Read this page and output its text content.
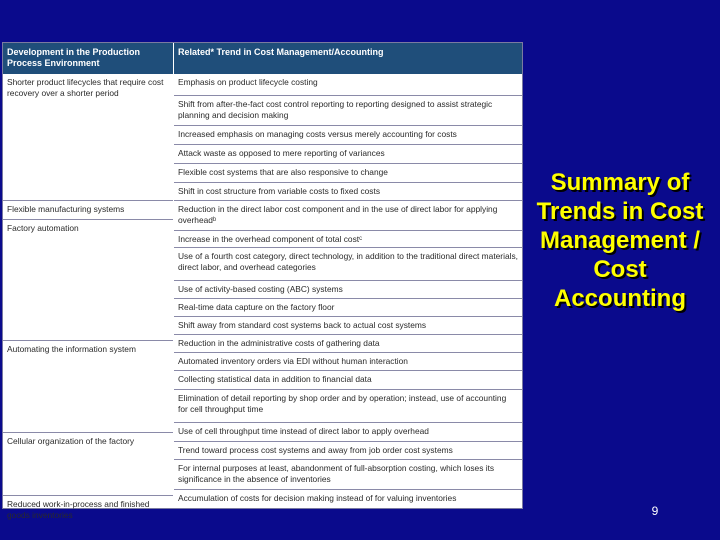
Development in the Production Process Environment
Related* Trend in Cost Management/Accounting
Shorter product lifecycles that require cost recovery over a shorter period
Flexible manufacturing systems
Factory automation
Automating the information system
Cellular organization of the factory
Reduced work-in-process and finished goods inventories
Emphasis on product lifecycle costing
Shift from after-the-fact cost control reporting to reporting designed to assist strategic planning and decision making
Increased emphasis on managing costs versus merely accounting for costs
Attack waste as opposed to mere reporting of variances
Flexible cost systems that are also responsive to change
Shift in cost structure from variable costs to fixed costs
Reduction in the direct labor cost component and in the use of direct labor for applying overheadᵇ
Increase in the overhead component of total costᶜ
Use of a fourth cost category, direct technology, in addition to the traditional direct materials, direct labor, and overhead categories
Use of activity-based costing (ABC) systems
Real-time data capture on the factory floor
Shift away from standard cost systems back to actual cost systems
Reduction in the administrative costs of gathering data
Automated inventory orders via EDI without human interaction
Collecting statistical data in addition to financial data
Elimination of detail reporting by shop order and by operation; instead, use of accounting for cell throughput time
Use of cell throughput time instead of direct labor to apply overhead
Trend toward process cost systems and away from job order cost systems
For internal purposes at least, abandonment of full-absorption costing, which loses its significance in the absence of inventories
Accumulation of costs for decision making instead of for valuing inventories
Summary of Trends in Cost Management / Cost Accounting
9
